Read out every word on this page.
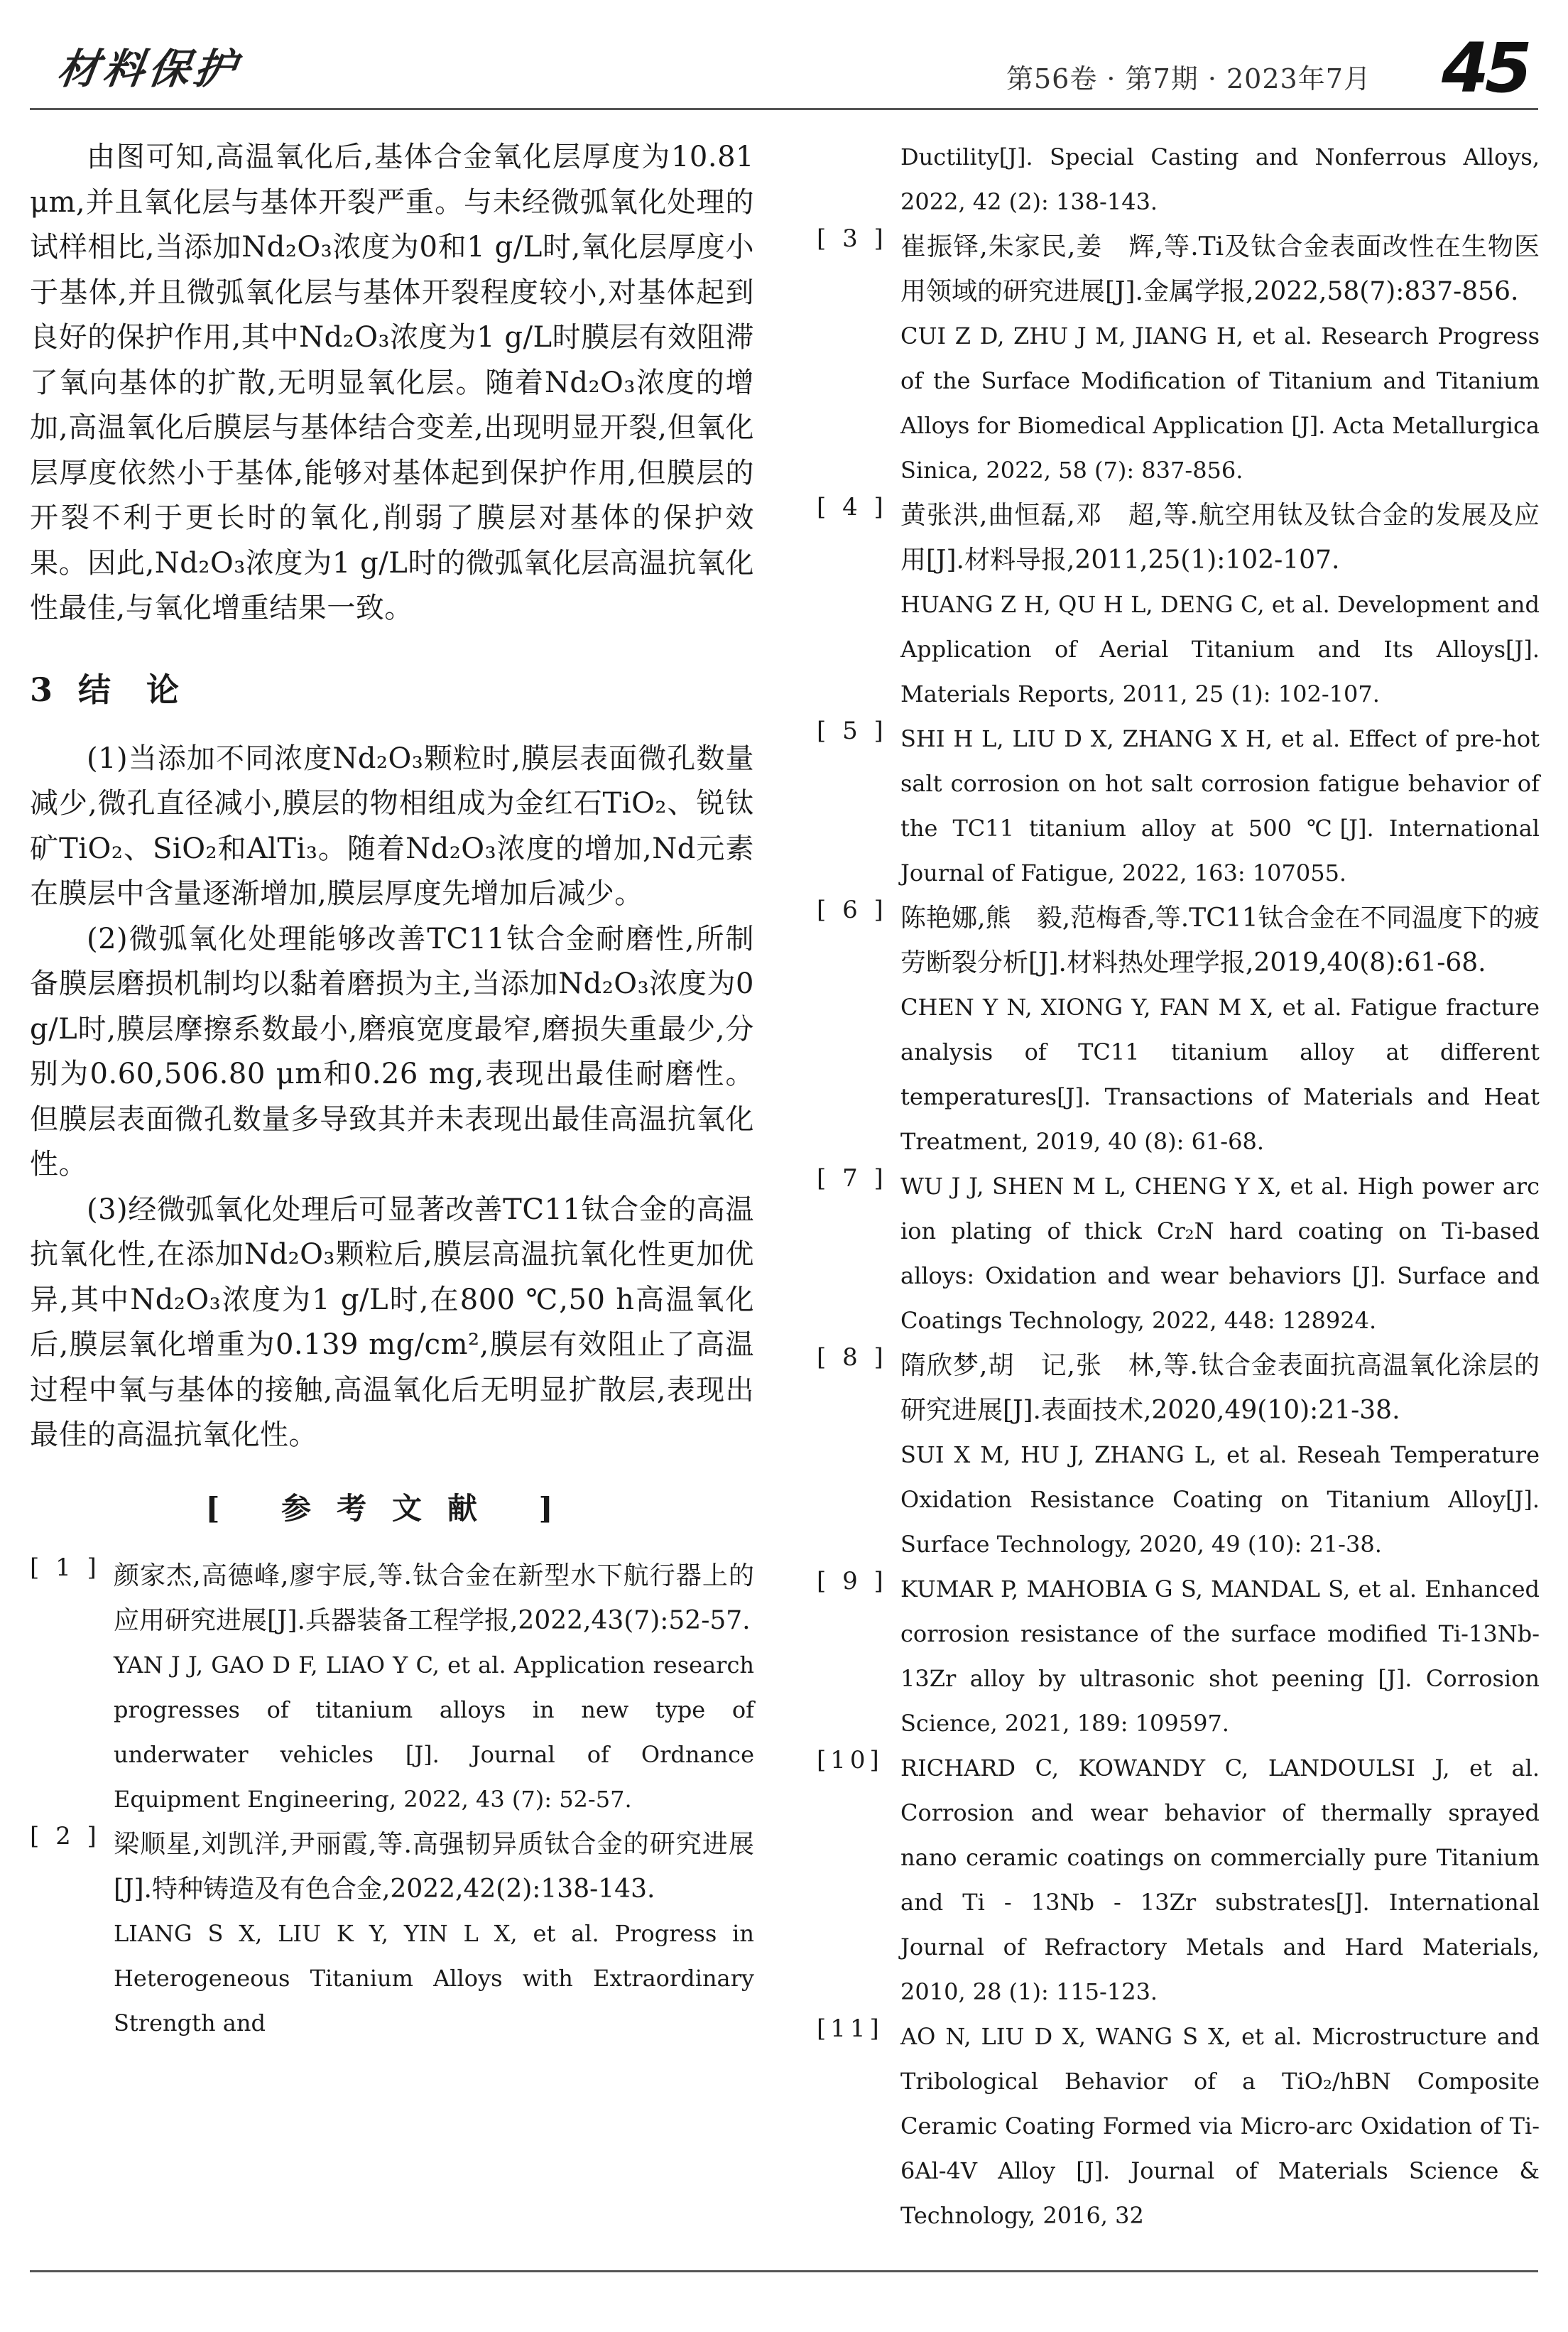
材料保护	第56卷 · 第7期 · 2023年7月 45

由图可知,高温氧化后,基体合金氧化层厚度为10.81 μm,并且氧化层与基体开裂严重。与未经微弧氧化处理的试样相比,当添加Nd₂O₃浓度为0和1 g/L时,氧化层厚度小于基体,并且微弧氧化层与基体开裂程度较小,对基体起到良好的保护作用,其中Nd₂O₃浓度为1 g/L时膜层有效阻滞了氧向基体的扩散,无明显氧化层。随着Nd₂O₃浓度的增加,高温氧化后膜层与基体结合变差,出现明显开裂,但氧化层厚度依然小于基体,能够对基体起到保护作用,但膜层的开裂不利于更长时的氧化,削弱了膜层对基体的保护效果。因此,Nd₂O₃浓度为1 g/L时的微弧氧化层高温抗氧化性最佳,与氧化增重结果一致。

3 结　论

(1)当添加不同浓度Nd₂O₃颗粒时,膜层表面微孔数量减少,微孔直径减小,膜层的物相组成为金红石TiO₂、锐钛矿TiO₂、SiO₂和AlTi₃。随着Nd₂O₃浓度的增加,Nd元素在膜层中含量逐渐增加,膜层厚度先增加后减少。

(2)微弧氧化处理能够改善TC11钛合金耐磨性,所制备膜层磨损机制均以黏着磨损为主,当添加Nd₂O₃浓度为0 g/L时,膜层摩擦系数最小,磨痕宽度最窄,磨损失重最少,分别为0.60,506.80 μm和0.26 mg,表现出最佳耐磨性。但膜层表面微孔数量多导致其并未表现出最佳高温抗氧化性。

(3)经微弧氧化处理后可显著改善TC11钛合金的高温抗氧化性,在添加Nd₂O₃颗粒后,膜层高温抗氧化性更加优异,其中Nd₂O₃浓度为1 g/L时,在800 ℃,50 h高温氧化后,膜层氧化增重为0.139 mg/cm²,膜层有效阻止了高温过程中氧与基体的接触,高温氧化后无明显扩散层,表现出最佳的高温抗氧化性。

[ 参考文献 ]
[ 1 ] 颜家杰,高德峰,廖宇辰,等.钛合金在新型水下航行器上的应用研究进展[J].兵器装备工程学报,2022,43(7):52-57.

YAN J J, GAO D F, LIAO Y C, et al. Application research progresses of titanium alloys in new type of underwater vehicles [J]. Journal of Ordnance Equipment Engineering, 2022, 43 (7): 52-57.

[ 2 ] 梁顺星,刘凯洋,尹丽霞,等.高强韧异质钛合金的研究进展[J].特种铸造及有色合金,2022,42(2):138-143.

LIANG S X, LIU K Y, YIN L X, et al. Progress in Heterogeneous Titanium Alloys with Extraordinary Strength and

Ductility[J]. Special Casting and Nonferrous Alloys, 2022, 42 (2): 138-143.

[ 3 ] 崔振铎,朱家民,姜　辉,等.Ti及钛合金表面改性在生物医用领域的研究进展[J].金属学报,2022,58(7):837-856.

CUI Z D, ZHU J M, JIANG H, et al. Research Progress of the Surface Modification of Titanium and Titanium Alloys for Biomedical Application [J]. Acta Metallurgica Sinica, 2022, 58 (7): 837-856.

[ 4 ] 黄张洪,曲恒磊,邓　超,等.航空用钛及钛合金的发展及应用[J].材料导报,2011,25(1):102-107.

HUANG Z H, QU H L, DENG C, et al. Development and Application of Aerial Titanium and Its Alloys[J]. Materials Reports, 2011, 25 (1): 102-107.

[ 5 ] SHI H L, LIU D X, ZHANG X H, et al. Effect of pre-hot salt corrosion on hot salt corrosion fatigue behavior of the TC11 titanium alloy at 500 ℃[J]. International Journal of Fatigue, 2022, 163: 107055.

[ 6 ] 陈艳娜,熊　毅,范梅香,等.TC11钛合金在不同温度下的疲劳断裂分析[J].材料热处理学报,2019,40(8):61-68.

CHEN Y N, XIONG Y, FAN M X, et al. Fatigue fracture analysis of TC11 titanium alloy at different temperatures[J]. Transactions of Materials and Heat Treatment, 2019, 40 (8): 61-68.

[ 7 ] WU J J, SHEN M L, CHENG Y X, et al. High power arc ion plating of thick Cr₂N hard coating on Ti-based alloys: Oxidation and wear behaviors [J]. Surface and Coatings Technology, 2022, 448: 128924.

[ 8 ] 隋欣梦,胡　记,张　林,等.钛合金表面抗高温氧化涂层的研究进展[J].表面技术,2020,49(10):21-38.

SUI X M, HU J, ZHANG L, et al. Reseah Temperature Oxidation Resistance Coating on Titanium Alloy[J]. Surface Technology, 2020, 49 (10): 21-38.

[ 9 ] KUMAR P, MAHOBIA G S, MANDAL S, et al. Enhanced corrosion resistance of the surface modified Ti-13Nb-13Zr alloy by ultrasonic shot peening [J]. Corrosion Science, 2021, 189: 109597.

[10] RICHARD C, KOWANDY C, LANDOULSI J, et al. Corrosion and wear behavior of thermally sprayed nano ceramic coatings on commercially pure Titanium and Ti - 13Nb - 13Zr substrates[J]. International Journal of Refractory Metals and Hard Materials, 2010, 28 (1): 115-123.

[11] AO N, LIU D X, WANG S X, et al. Microstructure and Tribological Behavior of a TiO₂/hBN Composite Ceramic Coating Formed via Micro-arc Oxidation of Ti-6Al-4V Alloy [J]. Journal of Materials Science & Technology, 2016, 32
